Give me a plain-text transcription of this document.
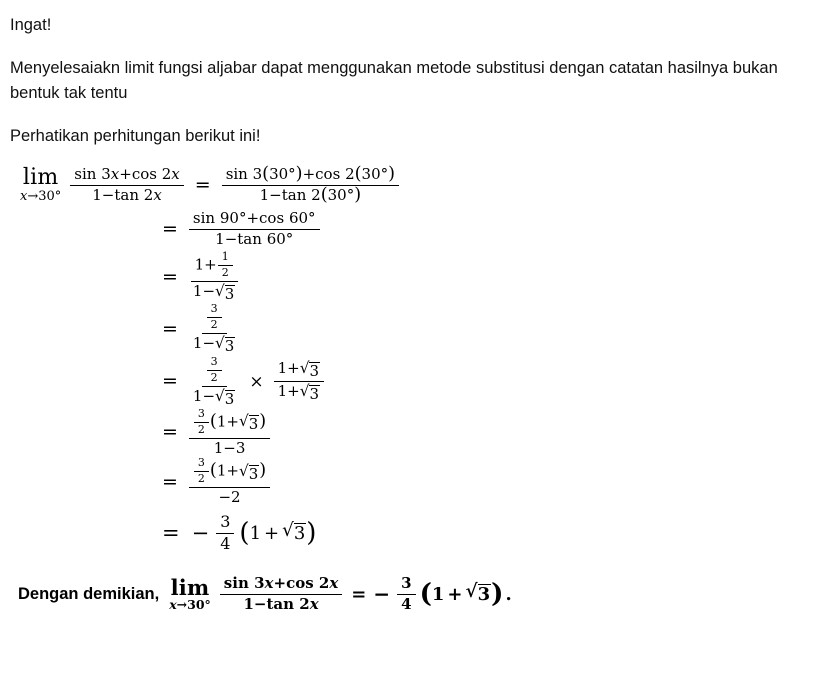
Ingat!
Menyelesaiakn limit fungsi aljabar dapat menggunakan metode substitusi dengan catatan hasilnya bukan bentuk tak tentu
Perhatikan perhitungan berikut ini!
lim
$x\to 30^\circ \frac{\sin 3x+\cos 2x}{1-\tan 2x} = \frac{\sin 3(30^\circ)+\cos 2(30^\circ)}{1-\tan 2(30^\circ)}$
= $\frac{\sin 90^\circ+\cos 60^\circ}{1-\tan 60^\circ}$
= $\frac{1+ \frac{1}{2}}{1- √ 3}$
=	$\frac{\frac{3}{2}}{1- √ 3}$
=	$\frac{\frac{3}{2}}{1- √ 3} \times \frac{1+ √ 3}{1+ √ 3}$
=	$\frac{\frac{3}{2} (1+ √ 3 )}{1-3}$
=	$\frac{\frac{3}{2} (1+ √ 3 )}{-2}$
= − $\frac{3}{4}$ ( 1 + √ 3 )
Dengan demikian, lim
$x\to 30^\circ \frac{\sin 3x+\cos 2x}{1-\tan 2x}$ = − $\frac{3}{4}$ ( 1 + √ 3 ) .
